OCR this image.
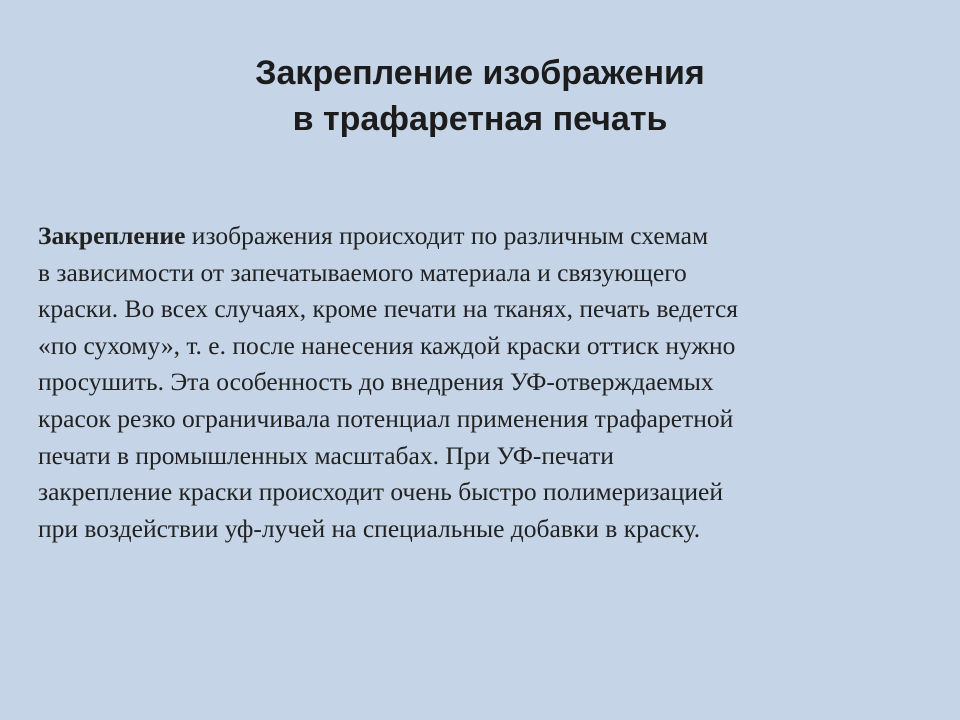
Закрепление изображения
в трафаретная печать

Закрепление изображения происходит по различным схемам
в зависимости от запечатываемого материала и связующего
краски. Во всех случаях, кроме печати на тканях, печать ведется
«по сухому», т. е. после нанесения каждой краски оттиск нужно
просушить. Эта особенность до внедрения УФ-отверждаемых
красок резко ограничивала потенциал применения трафаретной
печати в промышленных масштабах. При УФ-печати
закрепление краски происходит очень быстро полимеризацией
при воздействии уф-лучей на специальные добавки в краску.
